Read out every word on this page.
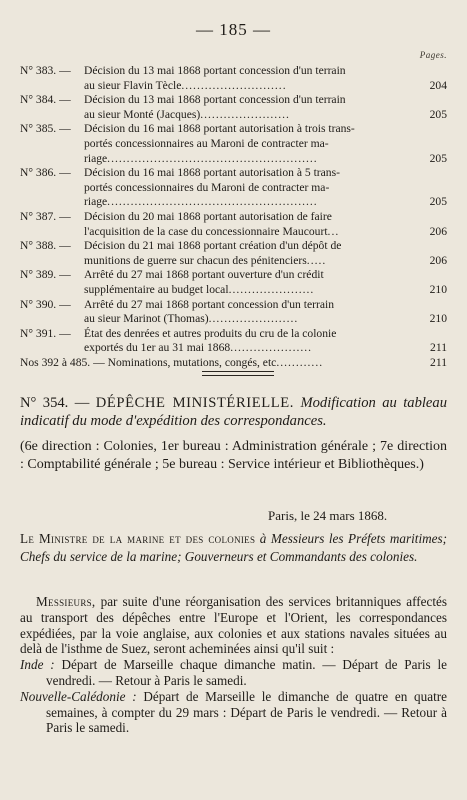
— 185 —
Pages.
N° 383. — Décision du 13 mai 1868 portant concession d'un terrain
au sieur Flavin Tècle...........................	204
N° 384. — Décision du 13 mai 1868 portant concession d'un terrain
au sieur Monté (Jacques).......................	205
N° 385. — Décision du 16 mai 1868 portant autorisation à trois trans-
portés concessionnaires au Maroni de contracter ma-
riage......................................................	205
N° 386. — Décision du 16 mai 1868 portant autorisation à 5 trans-
portés concessionnaires du Maroni de contracter ma-
riage......................................................	205
N° 387. — Décision du 20 mai 1868 portant autorisation de faire
l'acquisition de la case du concessionnaire Maucourt...	206
N° 388. — Décision du 21 mai 1868 portant création d'un dépôt de
munitions de guerre sur chacun des pénitenciers.....	206
N° 389. — Arrêté du 27 mai 1868 portant ouverture d'un crédit
supplémentaire au budget local......................	210
N° 390. — Arrêté du 27 mai 1868 portant concession d'un terrain
au sieur Marinot (Thomas).......................	210
N° 391. — État des denrées et autres produits du cru de la colonie
exportés du 1er au 31 mai 1868.....................	211
Nos 392 à 485. — Nominations, mutations, congés, etc............	211
N° 354. — DÉPÊCHE MINISTÉRIELLE. Modification au tableau indicatif du mode d'expédition des correspondances.
(6e direction : Colonies, 1er bureau : Administration générale ; 7e direction : Comptabilité générale ; 5e bureau : Service intérieur et Bibliothèques.)
Paris, le 24 mars 1868.
Le Ministre de la marine et des colonies à Messieurs les Préfets maritimes; Chefs du service de la marine; Gouverneurs et Commandants des colonies.

Messieurs, par suite d'une réorganisation des services britanniques affectés au transport des dépêches entre l'Europe et l'Orient, les correspondances expédiées, par la voie anglaise, aux colonies et aux stations navales situées au delà de l'isthme de Suez, seront acheminées ainsi qu'il suit :

Inde : Départ de Marseille chaque dimanche matin. — Départ de Paris le vendredi. — Retour à Paris le samedi.

Nouvelle-Calédonie : Départ de Marseille le dimanche de quatre en quatre semaines, à compter du 29 mars : Départ de Paris le vendredi. — Retour à Paris le samedi.
